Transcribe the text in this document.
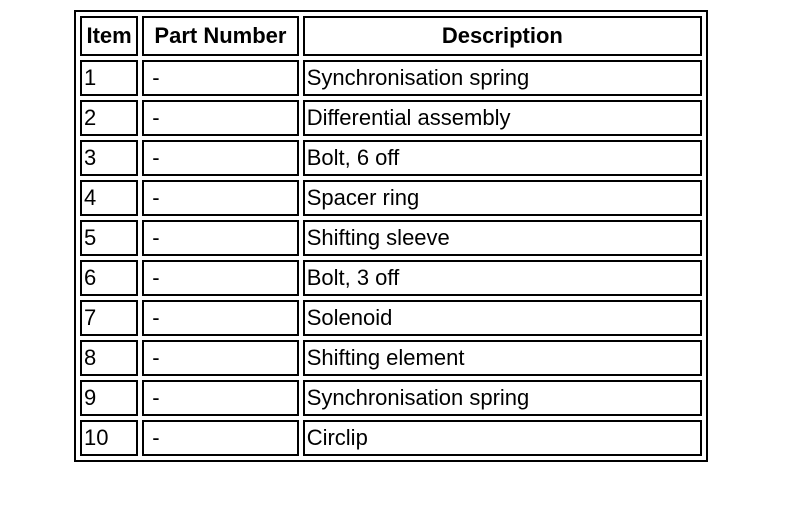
Item	Part Number	Description
1	-	Synchronisation spring
2	-	Differential assembly
3	-	Bolt, 6 off
4	-	Spacer ring
5	-	Shifting sleeve
6	-	Bolt, 3 off
7	-	Solenoid
8	-	Shifting element
9	-	Synchronisation spring
10	-	Circlip
